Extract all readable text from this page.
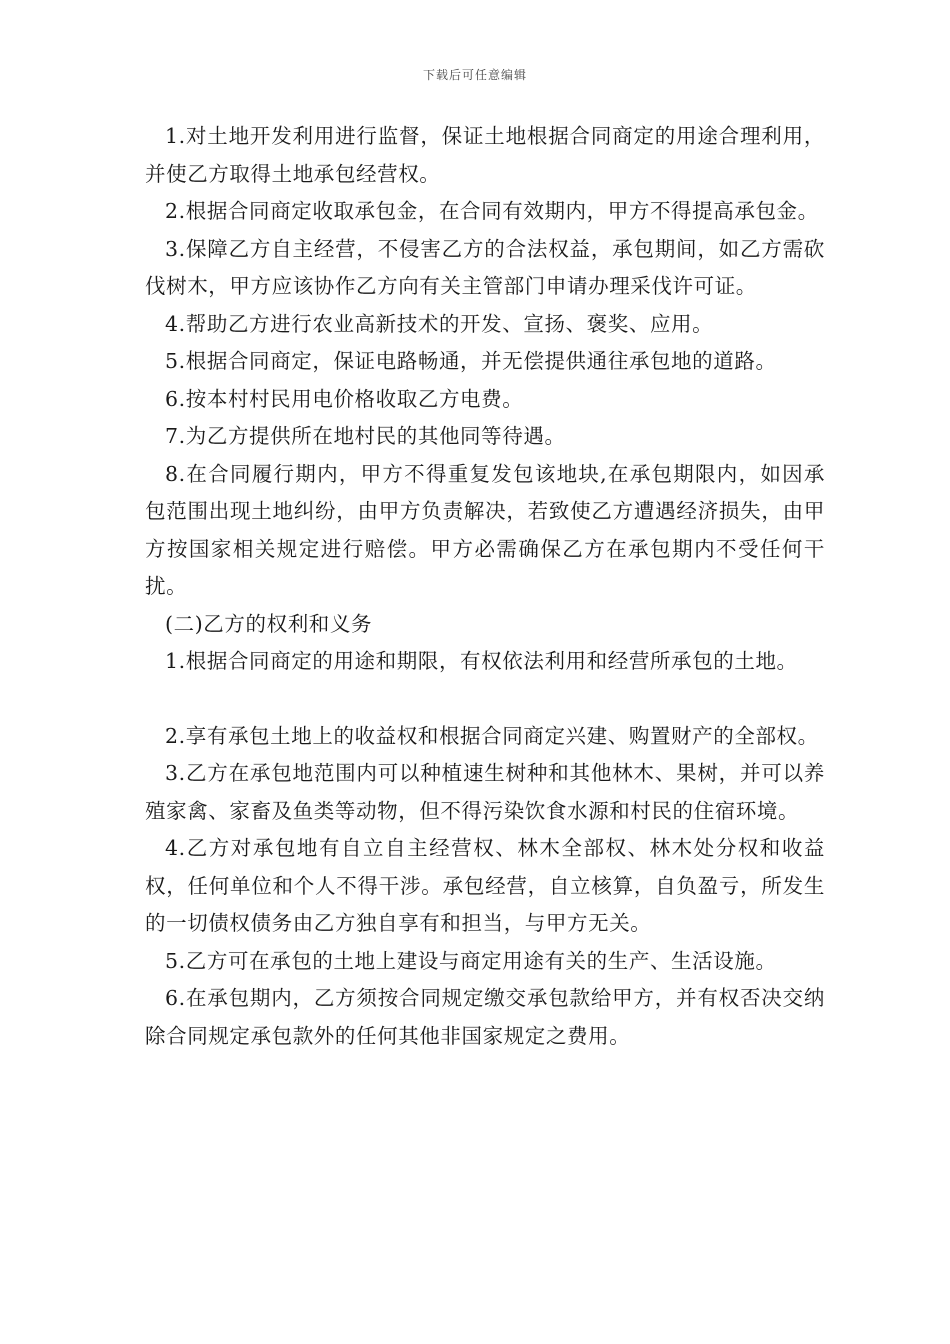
下载后可任意编辑

1.对土地开发利用进行监督，保证土地根据合同商定的用途合理利用，并使乙方取得土地承包经营权。

2.根据合同商定收取承包金，在合同有效期内，甲方不得提高承包金。

3.保障乙方自主经营，不侵害乙方的合法权益，承包期间，如乙方需砍伐树木，甲方应该协作乙方向有关主管部门申请办理采伐许可证。

4.帮助乙方进行农业高新技术的开发、宣扬、褒奖、应用。

5.根据合同商定，保证电路畅通，并无偿提供通往承包地的道路。

6.按本村村民用电价格收取乙方电费。

7.为乙方提供所在地村民的其他同等待遇。

8.在合同履行期内，甲方不得重复发包该地块,在承包期限内，如因承包范围出现土地纠纷，由甲方负责解决，若致使乙方遭遇经济损失，由甲方按国家相关规定进行赔偿。甲方必需确保乙方在承包期内不受任何干扰。

(二)乙方的权利和义务

1.根据合同商定的用途和期限，有权依法利用和经营所承包的土地。

2.享有承包土地上的收益权和根据合同商定兴建、购置财产的全部权。

3.乙方在承包地范围内可以种植速生树种和其他林木、果树，并可以养殖家禽、家畜及鱼类等动物，但不得污染饮食水源和村民的住宿环境。

4.乙方对承包地有自立自主经营权、林木全部权、林木处分权和收益权，任何单位和个人不得干涉。承包经营，自立核算，自负盈亏，所发生的一切债权债务由乙方独自享有和担当，与甲方无关。

5.乙方可在承包的土地上建设与商定用途有关的生产、生活设施。

6.在承包期内，乙方须按合同规定缴交承包款给甲方，并有权否决交纳除合同规定承包款外的任何其他非国家规定之费用。
